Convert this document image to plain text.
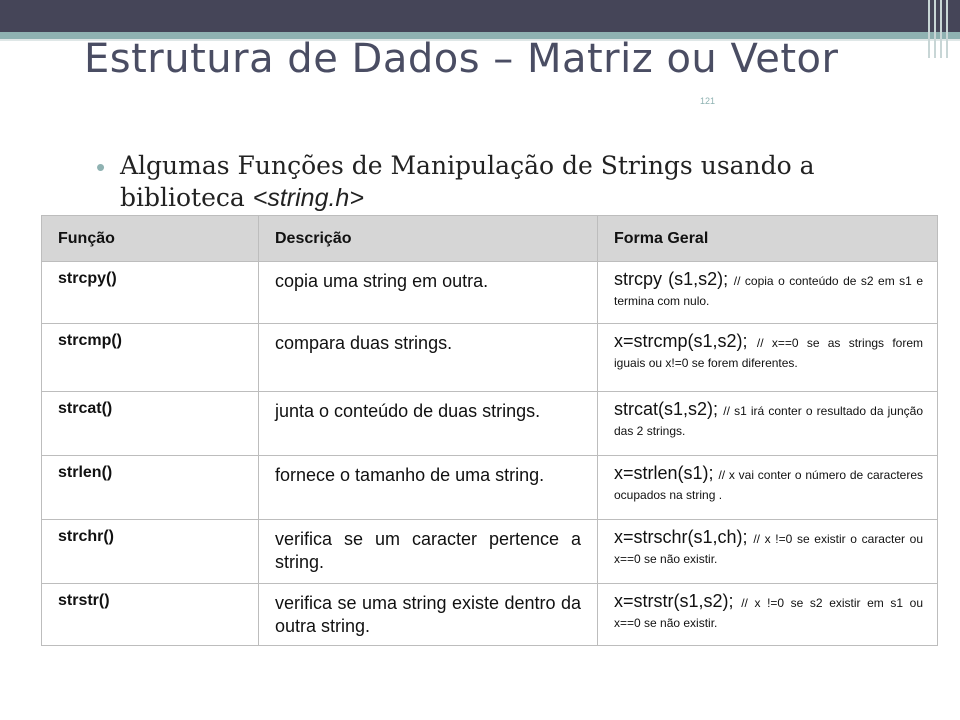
Estrutura de Dados – Matriz ou Vetor
121
• Algumas Funções de Manipulação de Strings usando a biblioteca <string.h>
Função	Descrição	Forma Geral
strcpy()	copia uma string em outra.	strcpy (s1,s2); // copia o conteúdo de s2 em s1 e termina com nulo.
strcmp()	compara duas strings.	x=strcmp(s1,s2); // x==0 se as strings forem iguais ou x!=0 se forem diferentes.
strcat()	junta o conteúdo de duas strings.	strcat(s1,s2); // s1 irá conter o resultado da junção das 2 strings.
strlen()	fornece o tamanho de uma string.	x=strlen(s1); // x vai conter o número de caracteres ocupados na string .
strchr()	verifica se um caracter pertence a string.	x=strschr(s1,ch); // x !=0 se existir o caracter ou x==0 se não existir.
strstr()	verifica se uma string existe dentro da outra string.	x=strstr(s1,s2); // x !=0 se s2 existir em s1 ou x==0 se não existir.
